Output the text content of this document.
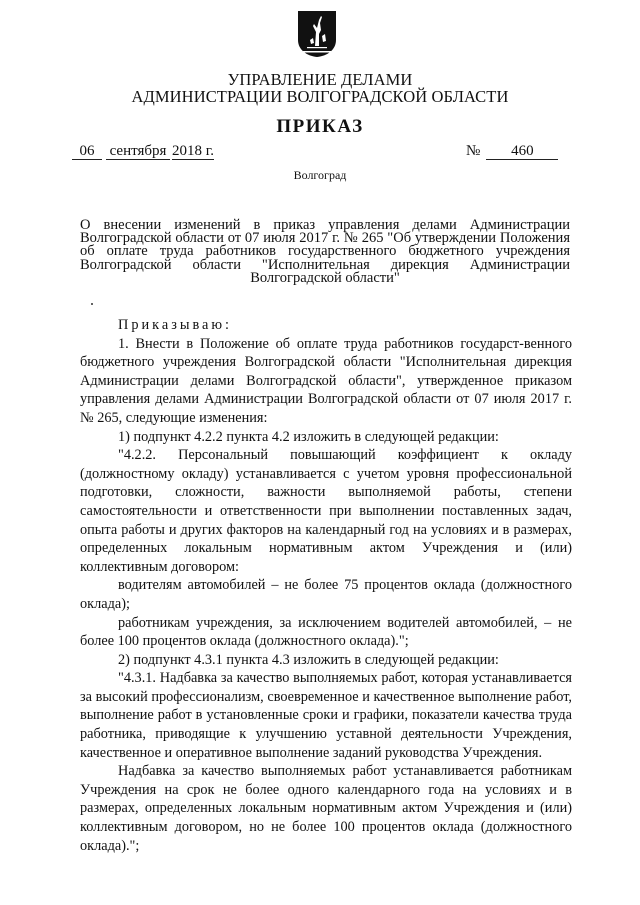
УПРАВЛЕНИЕ ДЕЛАМИ
АДМИНИСТРАЦИИ ВОЛГОГРАДСКОЙ ОБЛАСТИ
ПРИКАЗ
06 сентября 2018 г.	№ 460
Волгоград
О внесении изменений в приказ управления делами Администрации Волгоградской области от 07 июля 2017 г. № 265 "Об утверждении Положения об оплате труда работников государственного бюджетного учреждения Волгоградской области "Исполнительная дирекция Администрации Волгоградской области"

Приказываю:

1. Внести в Положение об оплате труда работников государст-венного бюджетного учреждения Волгоградской области "Исполнительная дирекция Администрации делами Волгоградской области", утвержденное приказом управления делами Администрации Волгоградской области от 07 июля 2017 г. № 265, следующие изменения:

1) подпункт 4.2.2 пункта 4.2 изложить в следующей редакции:

"4.2.2. Персональный повышающий коэффициент к окладу (должностному окладу) устанавливается с учетом уровня профессиональной подготовки, сложности, важности выполняемой работы, степени самостоятельности и ответственности при выполнении поставленных задач, опыта работы и других факторов на календарный год на условиях и в размерах, определенных локальным нормативным актом Учреждения и (или) коллективным договором:

водителям автомобилей – не более 75 процентов оклада (должностного оклада);

работникам учреждения, за исключением водителей автомобилей, – не более 100 процентов оклада (должностного оклада).";

2) подпункт 4.3.1 пункта 4.3 изложить в следующей редакции:

"4.3.1. Надбавка за качество выполняемых работ, которая устанавливается за высокий профессионализм, своевременное и качественное выполнение работ, выполнение работ в установленные сроки и графики, показатели качества труда работника, приводящие к улучшению уставной деятельности Учреждения, качественное и оперативное выполнение заданий руководства Учреждения.

Надбавка за качество выполняемых работ устанавливается работникам Учреждения на срок не более одного календарного года на условиях и в размерах, определенных локальным нормативным актом Учреждения и (или) коллективным договором, но не более 100 процентов оклада (должностного оклада).";
